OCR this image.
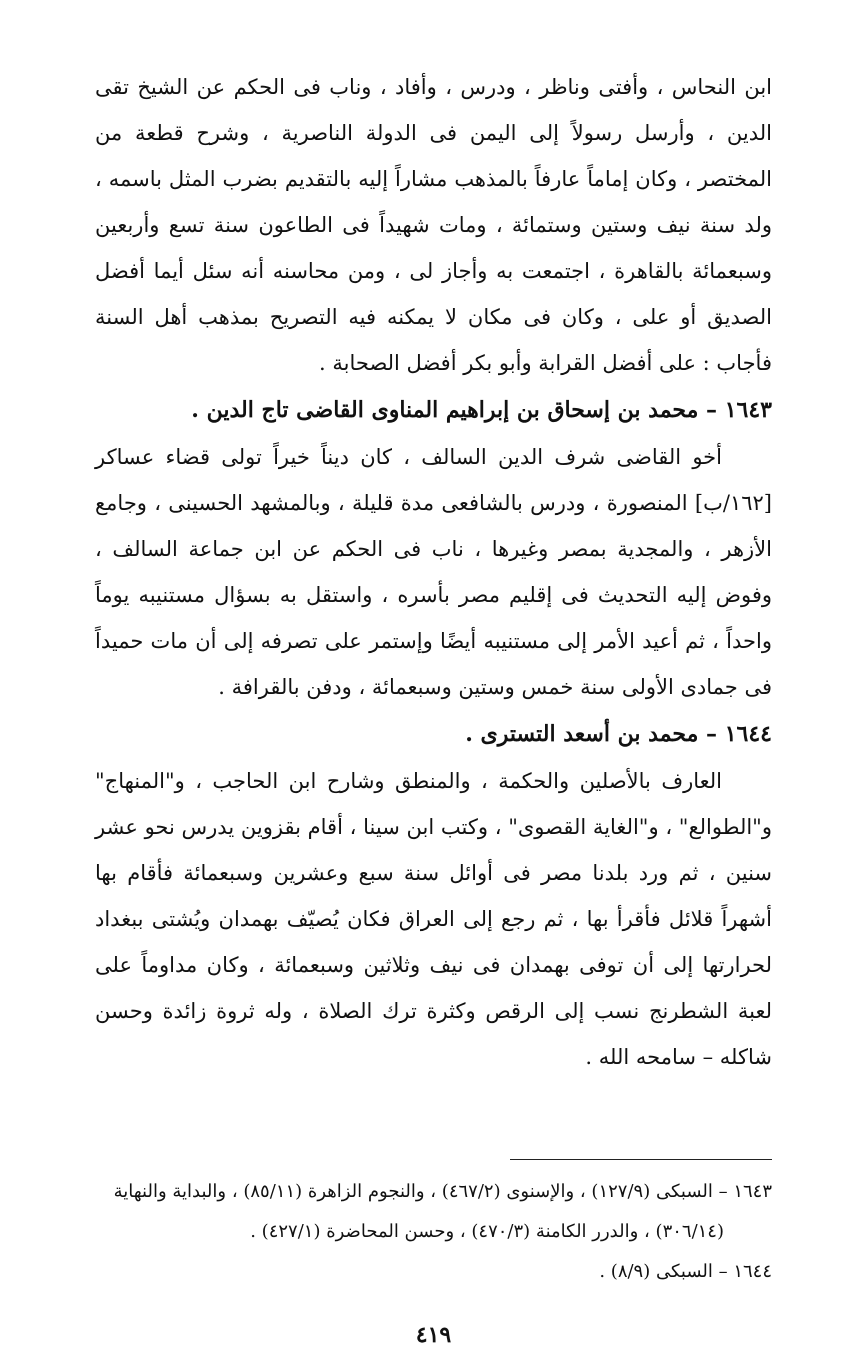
ابن النحاس ، وأفتى وناظر ، ودرس ، وأفاد ، وناب فى الحكم عن الشيخ تقى الدين ، وأرسل رسولاً إلى اليمن فى الدولة الناصرية ، وشرح قطعة من المختصر ، وكان إماماً عارفاً بالمذهب مشاراً إليه بالتقديم بضرب المثل باسمه ، ولد سنة نيف وستين وستمائة ، ومات شهيداً فى الطاعون سنة تسع وأربعين وسبعمائة بالقاهرة ، اجتمعت به وأجاز لى ، ومن محاسنه أنه سئل أيما أفضل الصديق أو على ، وكان فى مكان لا يمكنه فيه التصريح بمذهب أهل السنة فأجاب : على أفضل القرابة وأبو بكر أفضل الصحابة .

١٦٤٣ – محمد بن إسحاق بن إبراهيم المناوى القاضى تاج الدين .

أخو القاضى شرف الدين السالف ، كان ديناً خيراً تولى قضاء عساكر [١٦٢/ب] المنصورة ، ودرس بالشافعى مدة قليلة ، وبالمشهد الحسينى ، وجامع الأزهر ، والمجدية بمصر وغيرها ، ناب فى الحكم عن ابن جماعة السالف ، وفوض إليه التحديث فى إقليم مصر بأسره ، واستقل به بسؤال مستنيبه يوماً واحداً ، ثم أعيد الأمر إلى مستنيبه أيضًا وإستمر على تصرفه إلى أن مات حميداً فى جمادى الأولى سنة خمس وستين وسبعمائة ، ودفن بالقرافة .

١٦٤٤ – محمد بن أسعد التسترى .

العارف بالأصلين والحكمة ، والمنطق وشارح ابن الحاجب ، و"المنهاج" و"الطوالع" ، و"الغاية القصوى" ، وكتب ابن سينا ، أقام بقزوين يدرس نحو عشر سنين ، ثم ورد بلدنا مصر فى أوائل سنة سبع وعشرين وسبعمائة فأقام بها أشهراً قلائل فأقرأ بها ، ثم رجع إلى العراق فكان يُصيّف بهمدان ويُشتى ببغداد لحرارتها إلى أن توفى بهمدان فى نيف وثلاثين وسبعمائة ، وكان مداوماً على لعبة الشطرنج نسب إلى الرقص وكثرة ترك الصلاة ، وله ثروة زائدة وحسن شاكله – سامحه الله .

١٦٤٣ – السبكى (١٢٧/٩) ، والإسنوى (٤٦٧/٢) ، والنجوم الزاهرة (٨٥/١١) ، والبداية والنهاية

(٣٠٦/١٤) ، والدرر الكامنة (٤٧٠/٣) ، وحسن المحاضرة (٤٢٧/١) .

١٦٤٤ – السبكى (٨/٩) .

٤١٩
